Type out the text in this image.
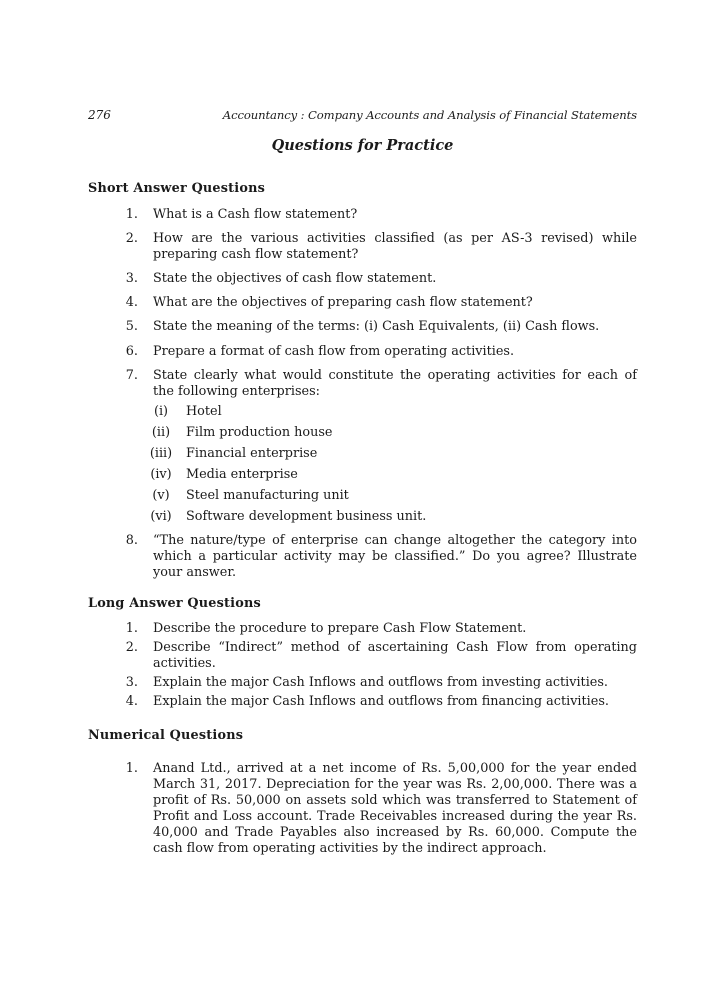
276	Accountancy : Company Accounts and Analysis of Financial Statements
Questions for Practice
Short Answer Questions
1. What is a Cash flow statement?
2. How are the various activities classified (as per AS-3 revised) while preparing cash flow statement?
3. State the objectives of cash flow statement.
4. What are the objectives of preparing cash flow statement?
5. State the meaning of the terms: (i) Cash Equivalents, (ii) Cash flows.
6. Prepare a format of cash flow from operating activities.
7. State clearly what would constitute the operating activities for each of the following enterprises:
(i)	Hotel
(ii)	Film production house
(iii) Financial enterprise
(iv) Media enterprise
(v)	Steel manufacturing unit
(vi) Software development business unit.
8. “The nature/type of enterprise can change altogether the category into which a particular activity may be classified.” Do you agree? Illustrate your answer.
Long Answer Questions
1. Describe the procedure to prepare Cash Flow Statement.
2. Describe “Indirect” method of ascertaining Cash Flow from operating activities.
3. Explain the major Cash Inflows and outflows from investing activities.
4. Explain the major Cash Inflows and outflows from financing activities.
Numerical Questions
1. Anand Ltd., arrived at a net income of Rs. 5,00,000 for the year ended March 31, 2017. Depreciation for the year was Rs. 2,00,000. There was a profit of Rs. 50,000 on assets sold which was transferred to Statement of Profit and Loss account. Trade Receivables increased during the year Rs. 40,000 and Trade Payables also increased by Rs. 60,000. Compute the cash flow from operating activities by the indirect approach.
